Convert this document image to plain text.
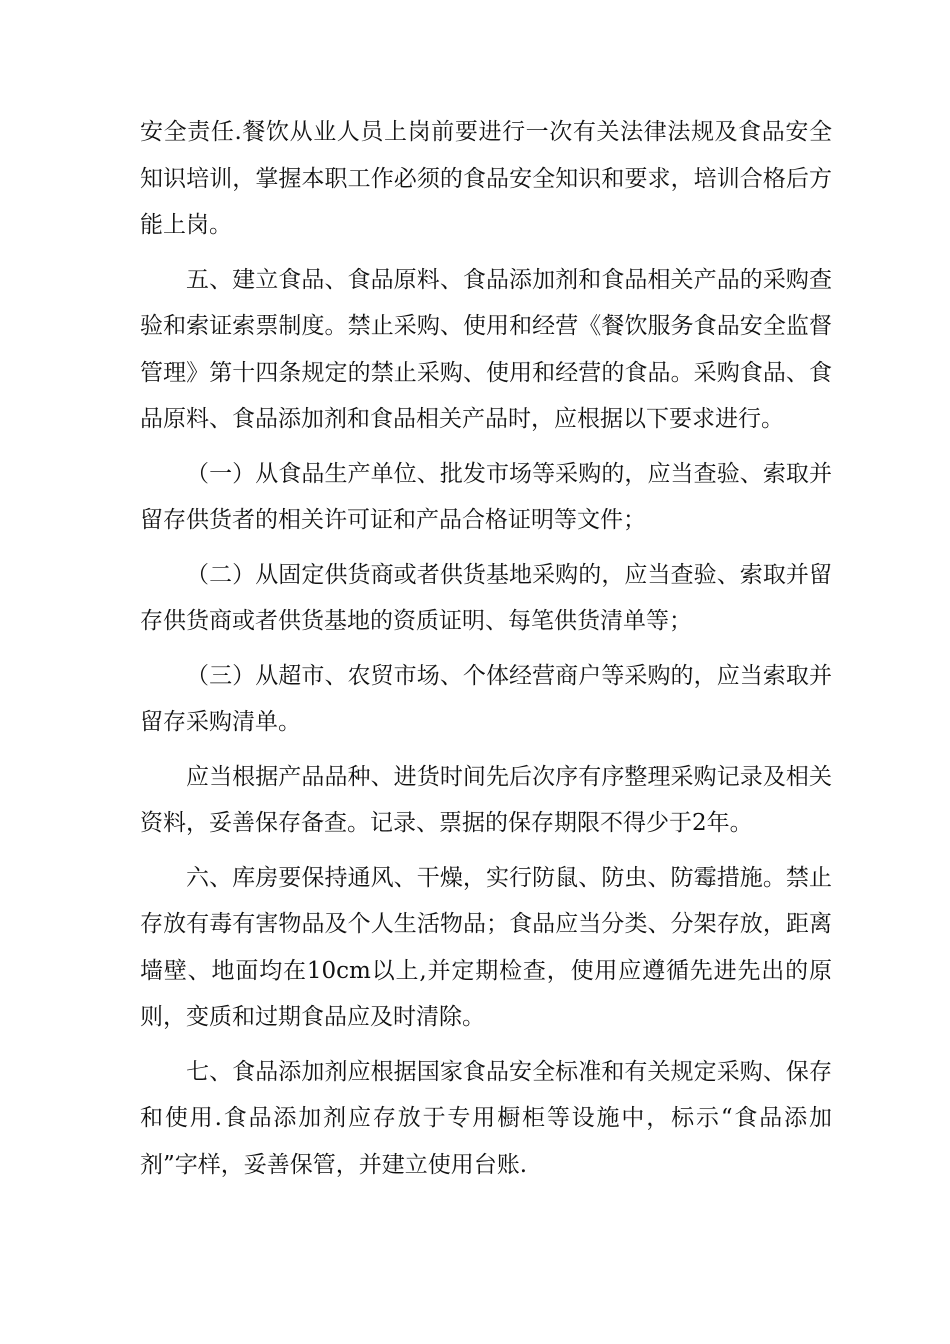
安全责任.餐饮从业人员上岗前要进行一次有关法律法规及食品安全知识培训，掌握本职工作必须的食品安全知识和要求，培训合格后方能上岗。

五、建立食品、食品原料、食品添加剂和食品相关产品的采购查验和索证索票制度。禁止采购、使用和经营《餐饮服务食品安全监督管理》第十四条规定的禁止采购、使用和经营的食品。采购食品、食品原料、食品添加剂和食品相关产品时，应根据以下要求进行。

（一）从食品生产单位、批发市场等采购的，应当查验、索取并留存供货者的相关许可证和产品合格证明等文件；

（二）从固定供货商或者供货基地采购的，应当查验、索取并留存供货商或者供货基地的资质证明、每笔供货清单等；

（三）从超市、农贸市场、个体经营商户等采购的，应当索取并留存采购清单。

应当根据产品品种、进货时间先后次序有序整理采购记录及相关资料，妥善保存备查。记录、票据的保存期限不得少于2年。

六、库房要保持通风、干燥，实行防鼠、防虫、防霉措施。禁止存放有毒有害物品及个人生活物品；食品应当分类、分架存放，距离墙壁、地面均在10cm以上,并定期检查，使用应遵循先进先出的原则，变质和过期食品应及时清除。

七、食品添加剂应根据国家食品安全标准和有关规定采购、保存和使用.食品添加剂应存放于专用橱柜等设施中，标示“食品添加剂”字样，妥善保管，并建立使用台账.
